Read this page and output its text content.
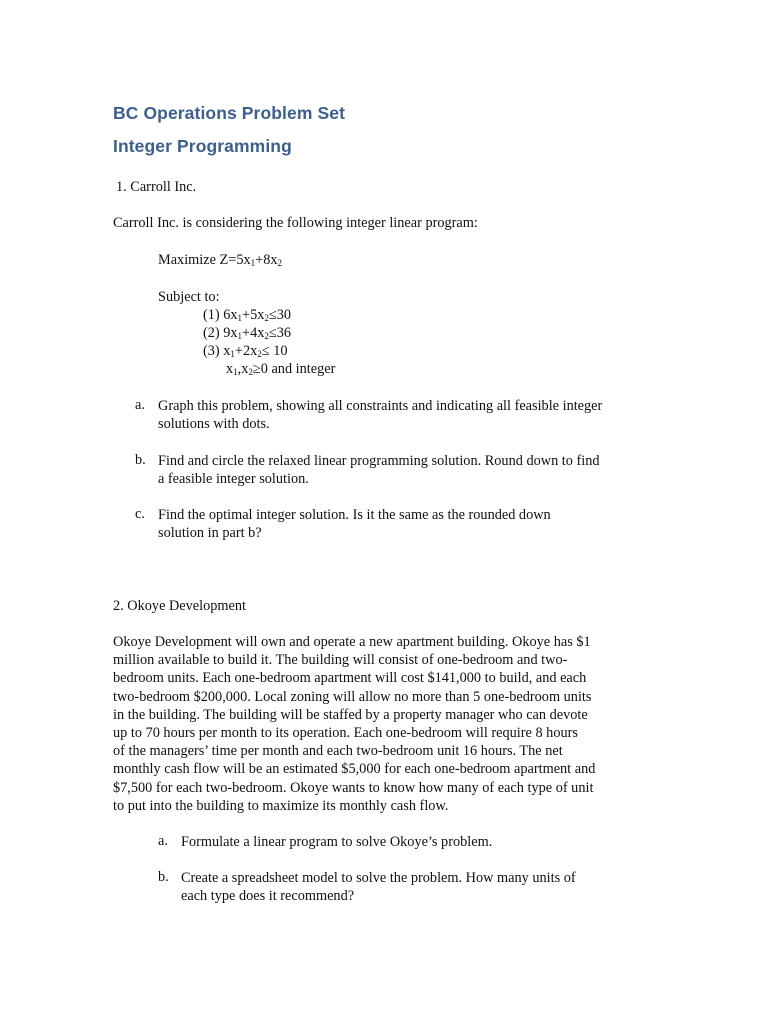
BC Operations Problem Set
Integer Programming
1. Carroll Inc.
Carroll Inc. is considering the following integer linear program:
Maximize $Z=5x_1+8x_2$
Subject to:
(1) $6x_1+5x_2\le 30$
(2) $9x_1+4x_2\le 36$
(3) $x_1+2x_2\le 10$
$x_1,x_2\ge 0$ and integer
a. Graph this problem, showing all constraints and indicating all feasible integer
solutions with dots.
b. Find and circle the relaxed linear programming solution. Round down to find
a feasible integer solution.
c. Find the optimal integer solution. Is it the same as the rounded down
solution in part b?
2. Okoye Development
Okoye Development will own and operate a new apartment building. Okoye has $1
million available to build it. The building will consist of one-bedroom and two-
bedroom units. Each one-bedroom apartment will cost $141,000 to build, and each
two-bedroom $200,000. Local zoning will allow no more than 5 one-bedroom units
in the building. The building will be staffed by a property manager who can devote
up to 70 hours per month to its operation. Each one-bedroom will require 8 hours
of the managers’ time per month and each two-bedroom unit 16 hours. The net
monthly cash flow will be an estimated $5,000 for each one-bedroom apartment and
$7,500 for each two-bedroom. Okoye wants to know how many of each type of unit
to put into the building to maximize its monthly cash flow.
a. Formulate a linear program to solve Okoye’s problem.
b. Create a spreadsheet model to solve the problem. How many units of
each type does it recommend?
